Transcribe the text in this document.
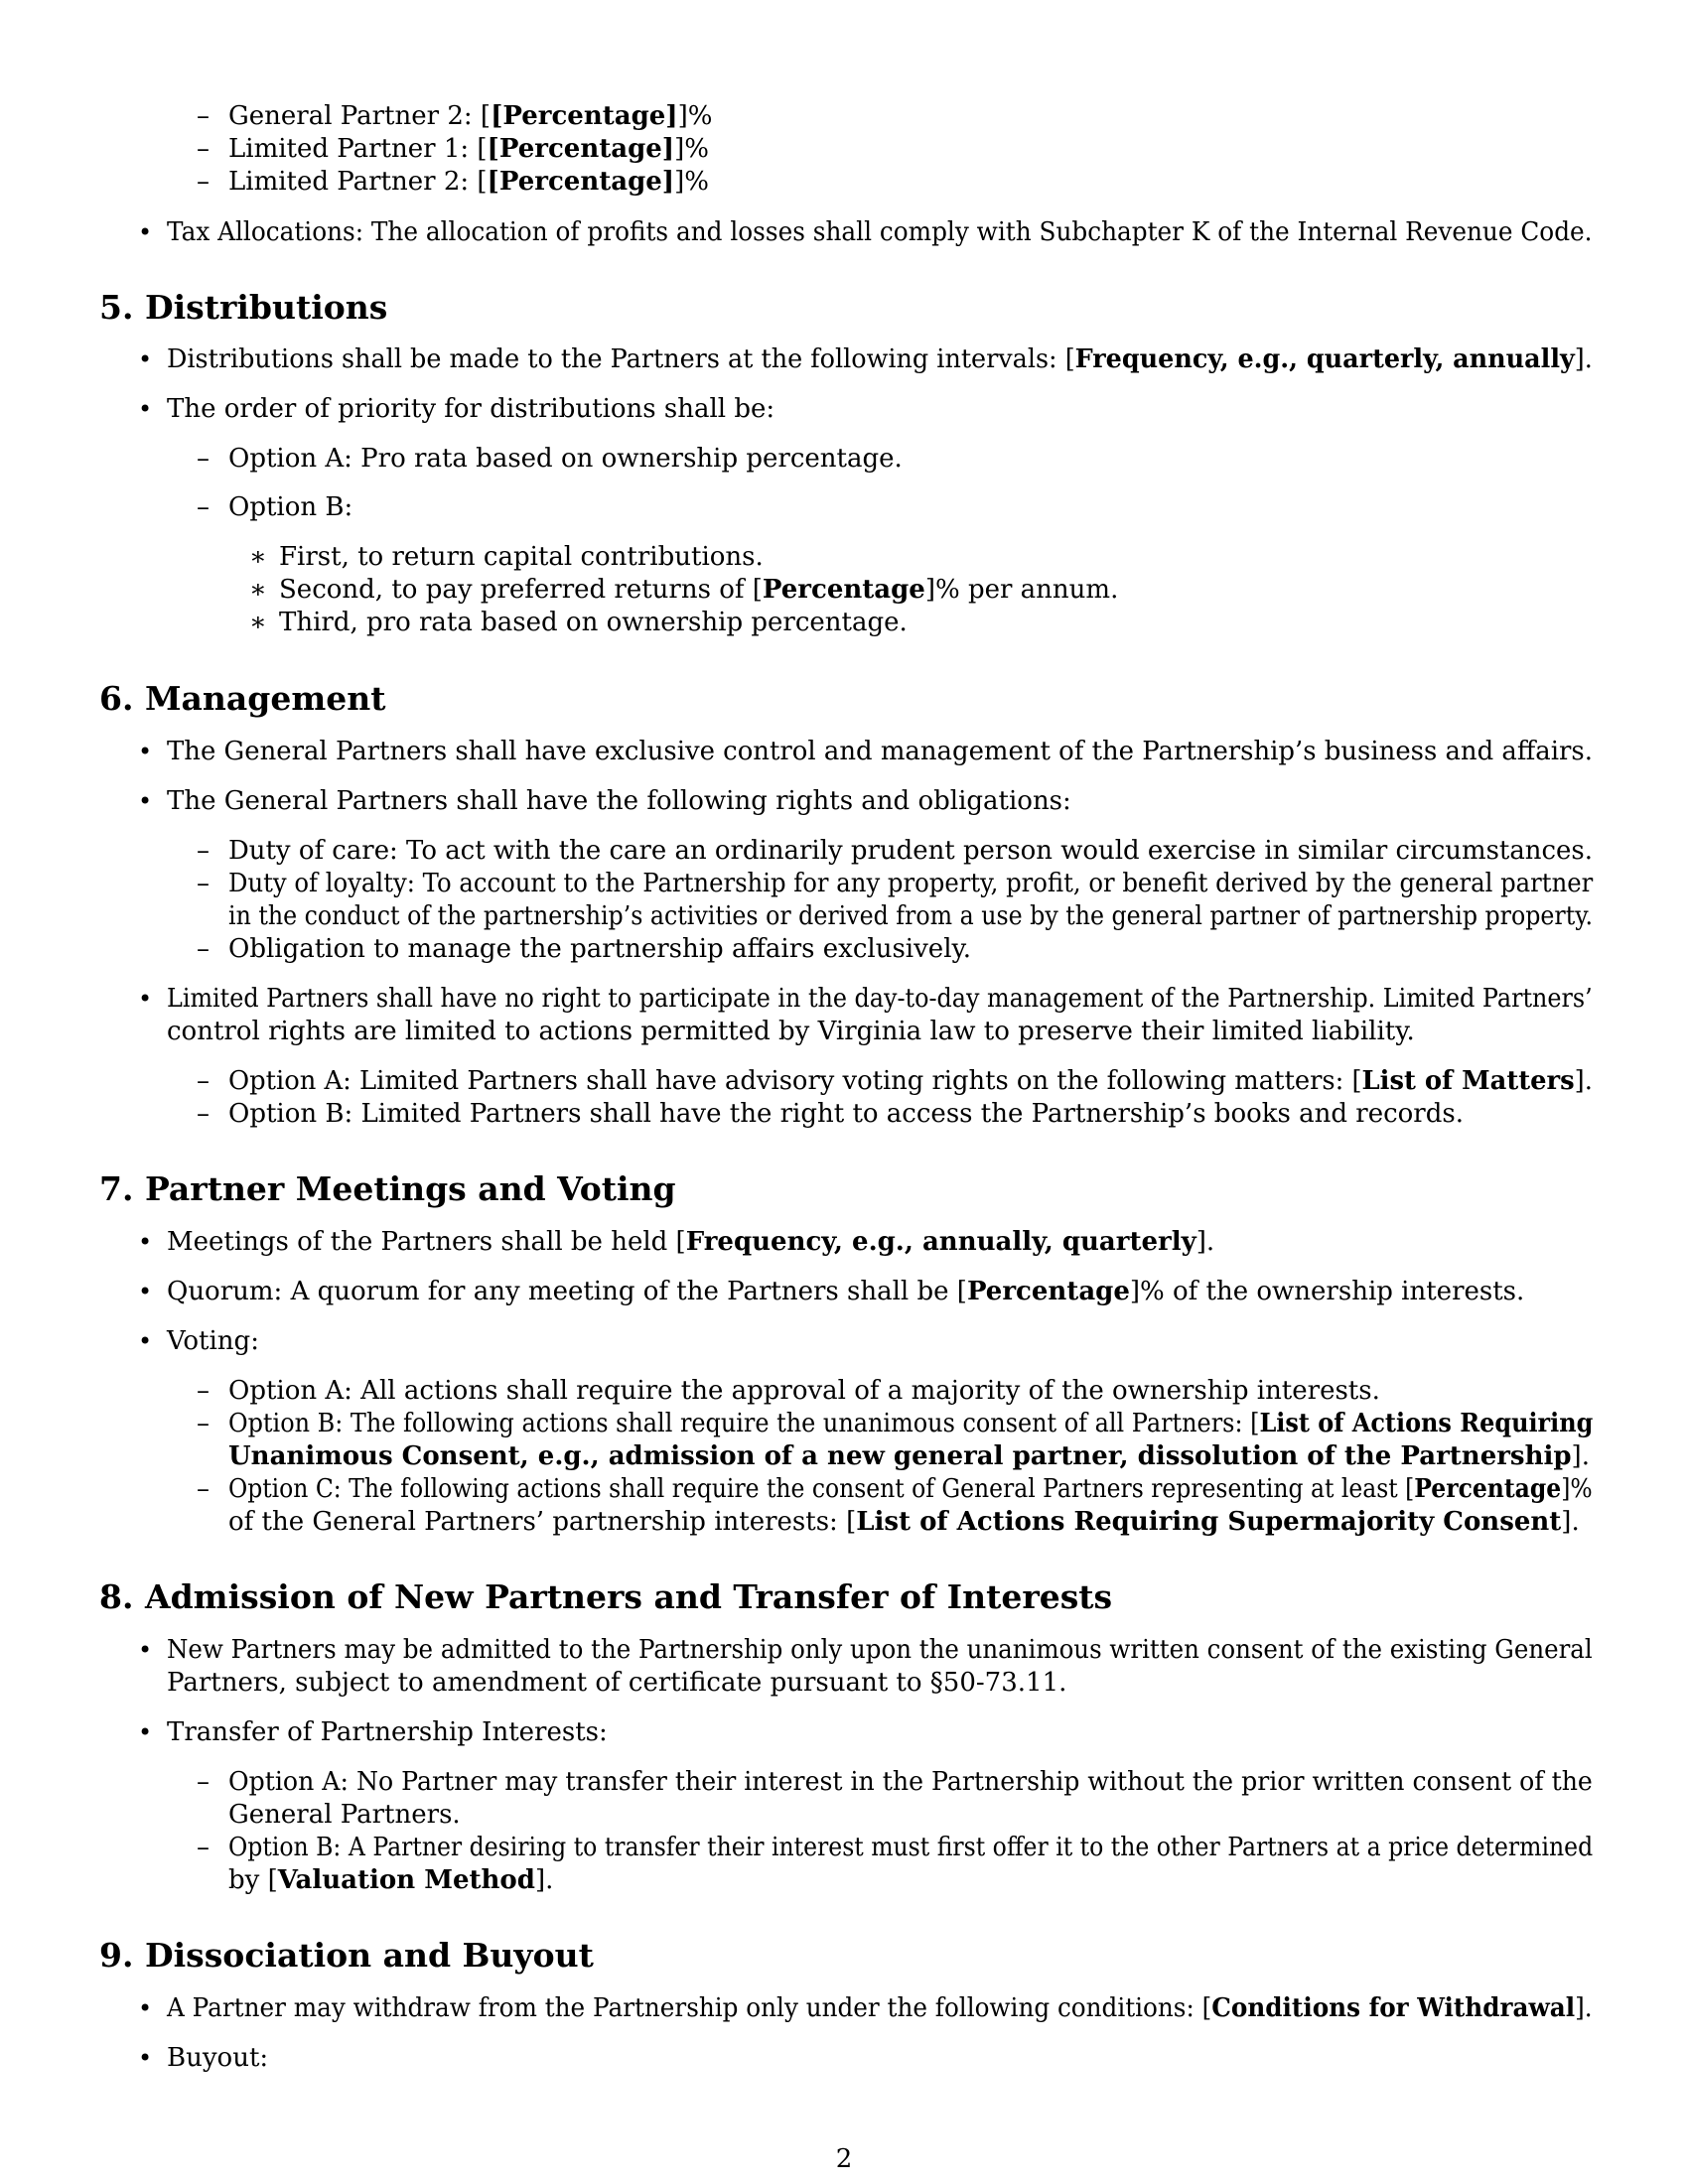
– General Partner 2: [[Percentage]]%
– Limited Partner 1: [[Percentage]]%
– Limited Partner 2: [[Percentage]]%
• Tax Allocations: The allocation of profits and losses shall comply with Subchapter K of the Internal Revenue Code.
5. Distributions
• Distributions shall be made to the Partners at the following intervals: [Frequency, e.g., quarterly, annually].
• The order of priority for distributions shall be:
– Option A: Pro rata based on ownership percentage.
– Option B:
∗ First, to return capital contributions.
∗ Second, to pay preferred returns of [Percentage]% per annum.
∗ Third, pro rata based on ownership percentage.
6. Management
• The General Partners shall have exclusive control and management of the Partnership’s business and affairs.
• The General Partners shall have the following rights and obligations:
– Duty of care: To act with the care an ordinarily prudent person would exercise in similar circumstances.
– Duty of loyalty: To account to the Partnership for any property, profit, or benefit derived by the general partner
in the conduct of the partnership’s activities or derived from a use by the general partner of partnership property.
– Obligation to manage the partnership affairs exclusively.
• Limited Partners shall have no right to participate in the day-to-day management of the Partnership. Limited Partners’
control rights are limited to actions permitted by Virginia law to preserve their limited liability.
– Option A: Limited Partners shall have advisory voting rights on the following matters: [List of Matters].
– Option B: Limited Partners shall have the right to access the Partnership’s books and records.
7. Partner Meetings and Voting
• Meetings of the Partners shall be held [Frequency, e.g., annually, quarterly].
• Quorum: A quorum for any meeting of the Partners shall be [Percentage]% of the ownership interests.
• Voting:
– Option A: All actions shall require the approval of a majority of the ownership interests.
– Option B: The following actions shall require the unanimous consent of all Partners: [List of Actions Requiring
Unanimous Consent, e.g., admission of a new general partner, dissolution of the Partnership].
– Option C: The following actions shall require the consent of General Partners representing at least [Percentage]%
of the General Partners’ partnership interests: [List of Actions Requiring Supermajority Consent].
8. Admission of New Partners and Transfer of Interests
• New Partners may be admitted to the Partnership only upon the unanimous written consent of the existing General
Partners, subject to amendment of certificate pursuant to §50-73.11.
• Transfer of Partnership Interests:
– Option A: No Partner may transfer their interest in the Partnership without the prior written consent of the
General Partners.
– Option B: A Partner desiring to transfer their interest must first offer it to the other Partners at a price determined
by [Valuation Method].
9. Dissociation and Buyout
• A Partner may withdraw from the Partnership only under the following conditions: [Conditions for Withdrawal].
• Buyout:
2
